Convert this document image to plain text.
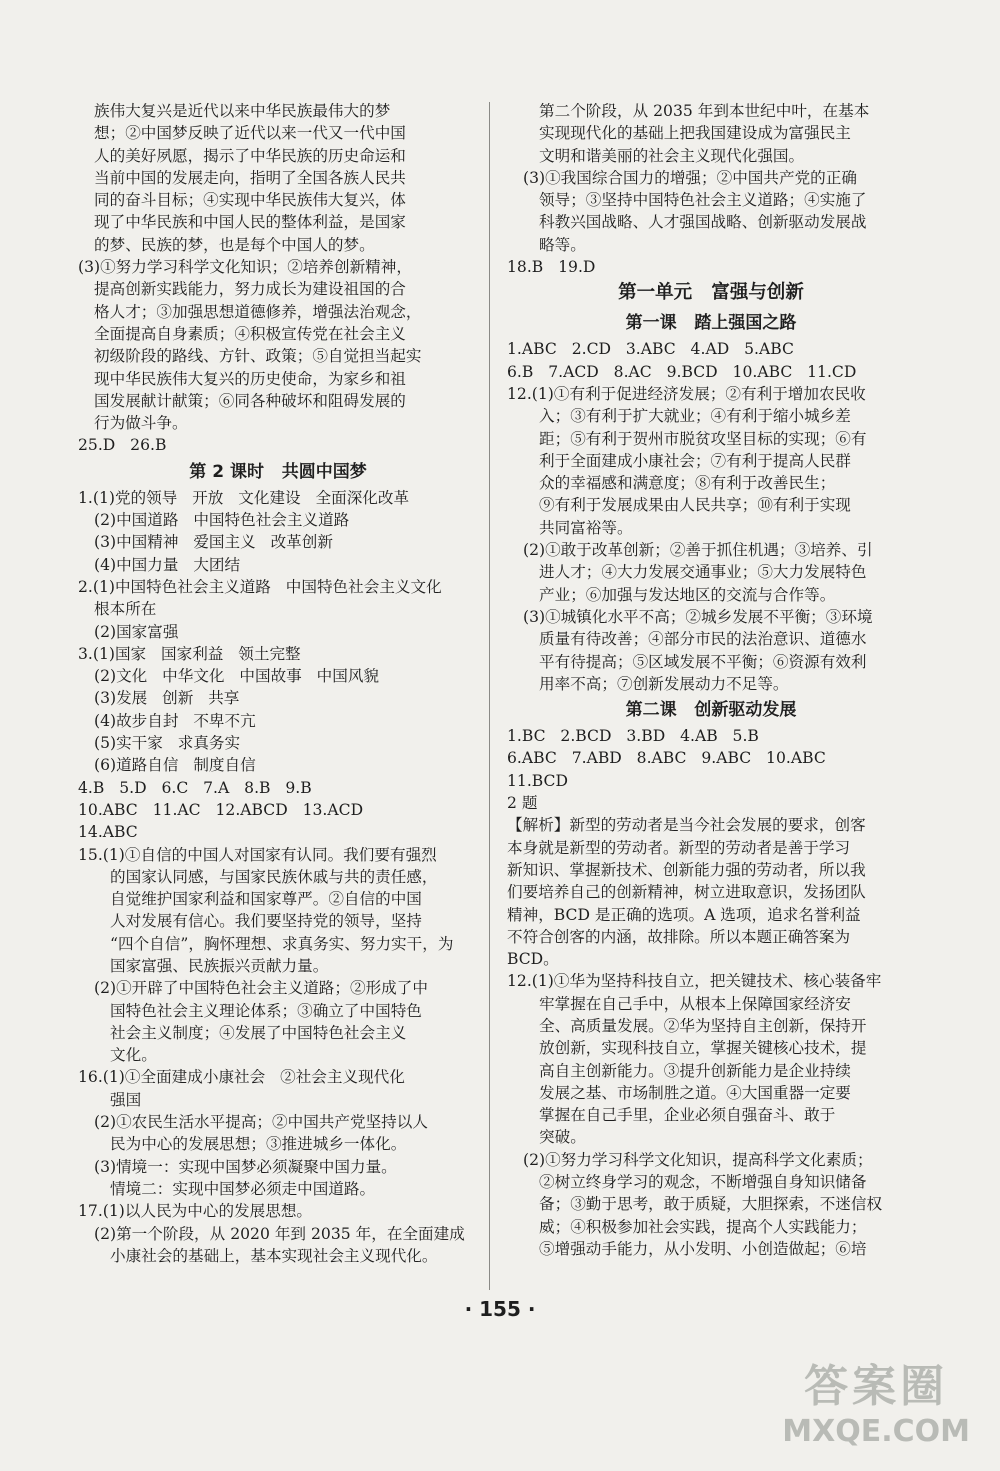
族伟大复兴是近代以来中华民族最伟大的梦
想；②中国梦反映了近代以来一代又一代中国
人的美好夙愿，揭示了中华民族的历史命运和
当前中国的发展走向，指明了全国各族人民共
同的奋斗目标；④实现中华民族伟大复兴，体
现了中华民族和中国人民的整体利益，是国家
的梦、民族的梦，也是每个中国人的梦。
(3)①努力学习科学文化知识；②培养创新精神，
提高创新实践能力，努力成长为建设祖国的合
格人才；③加强思想道德修养，增强法治观念，
全面提高自身素质；④积极宣传党在社会主义
初级阶段的路线、方针、政策；⑤自觉担当起实
现中华民族伟大复兴的历史使命，为家乡和祖
国发展献计献策；⑥同各种破坏和阻碍发展的
行为做斗争。
25.D   26.B
第 2 课时   共圆中国梦
1.(1)党的领导   开放   文化建设   全面深化改革
(2)中国道路   中国特色社会主义道路
(3)中国精神   爱国主义   改革创新
(4)中国力量   大团结
2.(1)中国特色社会主义道路   中国特色社会主义文化
根本所在
(2)国家富强
3.(1)国家   国家利益   领土完整
(2)文化   中华文化   中国故事   中国风貌
(3)发展   创新   共享
(4)故步自封   不卑不亢
(5)实干家   求真务实
(6)道路自信   制度自信
4.B   5.D   6.C   7.A   8.B   9.B
10.ABC   11.AC   12.ABCD   13.ACD
14.ABC
15.(1)①自信的中国人对国家有认同。我们要有强烈
的国家认同感，与国家民族休戚与共的责任感，
自觉维护国家利益和国家尊严。②自信的中国
人对发展有信心。我们要坚持党的领导，坚持
“四个自信”，胸怀理想、求真务实、努力实干，为
国家富强、民族振兴贡献力量。
(2)①开辟了中国特色社会主义道路；②形成了中
国特色社会主义理论体系；③确立了中国特色
社会主义制度；④发展了中国特色社会主义
文化。
16.(1)①全面建成小康社会   ②社会主义现代化
强国
(2)①农民生活水平提高；②中国共产党坚持以人
民为中心的发展思想；③推进城乡一体化。
(3)情境一：实现中国梦必须凝聚中国力量。
情境二：实现中国梦必须走中国道路。
17.(1)以人民为中心的发展思想。
(2)第一个阶段，从 2020 年到 2035 年，在全面建成
小康社会的基础上，基本实现社会主义现代化。
第二个阶段，从 2035 年到本世纪中叶，在基本
实现现代化的基础上把我国建设成为富强民主
文明和谐美丽的社会主义现代化强国。
(3)①我国综合国力的增强；②中国共产党的正确
领导；③坚持中国特色社会主义道路；④实施了
科教兴国战略、人才强国战略、创新驱动发展战
略等。
18.B   19.D
第一单元   富强与创新
第一课   踏上强国之路
1.ABC   2.CD   3.ABC   4.AD   5.ABC
6.B   7.ACD   8.AC   9.BCD   10.ABC   11.CD
12.(1)①有利于促进经济发展；②有利于增加农民收
入；③有利于扩大就业；④有利于缩小城乡差
距；⑤有利于贺州市脱贫攻坚目标的实现；⑥有
利于全面建成小康社会；⑦有利于提高人民群
众的幸福感和满意度；⑧有利于改善民生；
⑨有利于发展成果由人民共享；⑩有利于实现
共同富裕等。
(2)①敢于改革创新；②善于抓住机遇；③培养、引
进人才；④大力发展交通事业；⑤大力发展特色
产业；⑥加强与发达地区的交流与合作等。
(3)①城镇化水平不高；②城乡发展不平衡；③环境
质量有待改善；④部分市民的法治意识、道德水
平有待提高；⑤区域发展不平衡；⑥资源有效利
用率不高；⑦创新发展动力不足等。
第二课   创新驱动发展
1.BC   2.BCD   3.BD   4.AB   5.B
6.ABC   7.ABD   8.ABC   9.ABC   10.ABC
11.BCD
2 题
【解析】新型的劳动者是当今社会发展的要求，创客
本身就是新型的劳动者。新型的劳动者是善于学习
新知识、掌握新技术、创新能力强的劳动者，所以我
们要培养自己的创新精神，树立进取意识，发扬团队
精神，BCD 是正确的选项。A 选项，追求名誉利益
不符合创客的内涵，故排除。所以本题正确答案为
BCD。
12.(1)①华为坚持科技自立，把关键技术、核心装备牢
牢掌握在自己手中，从根本上保障国家经济安
全、高质量发展。②华为坚持自主创新，保持开
放创新，实现科技自立，掌握关键核心技术，提
高自主创新能力。③提升创新能力是企业持续
发展之基、市场制胜之道。④大国重器一定要
掌握在自己手里，企业必须自强奋斗、敢于
突破。
(2)①努力学习科学文化知识，提高科学文化素质；
②树立终身学习的观念，不断增强自身知识储备
备；③勤于思考，敢于质疑，大胆探索，不迷信权
威；④积极参加社会实践，提高个人实践能力；
⑤增强动手能力，从小发明、小创造做起；⑥培
· 155 ·
答案圈
MXQE.COM
